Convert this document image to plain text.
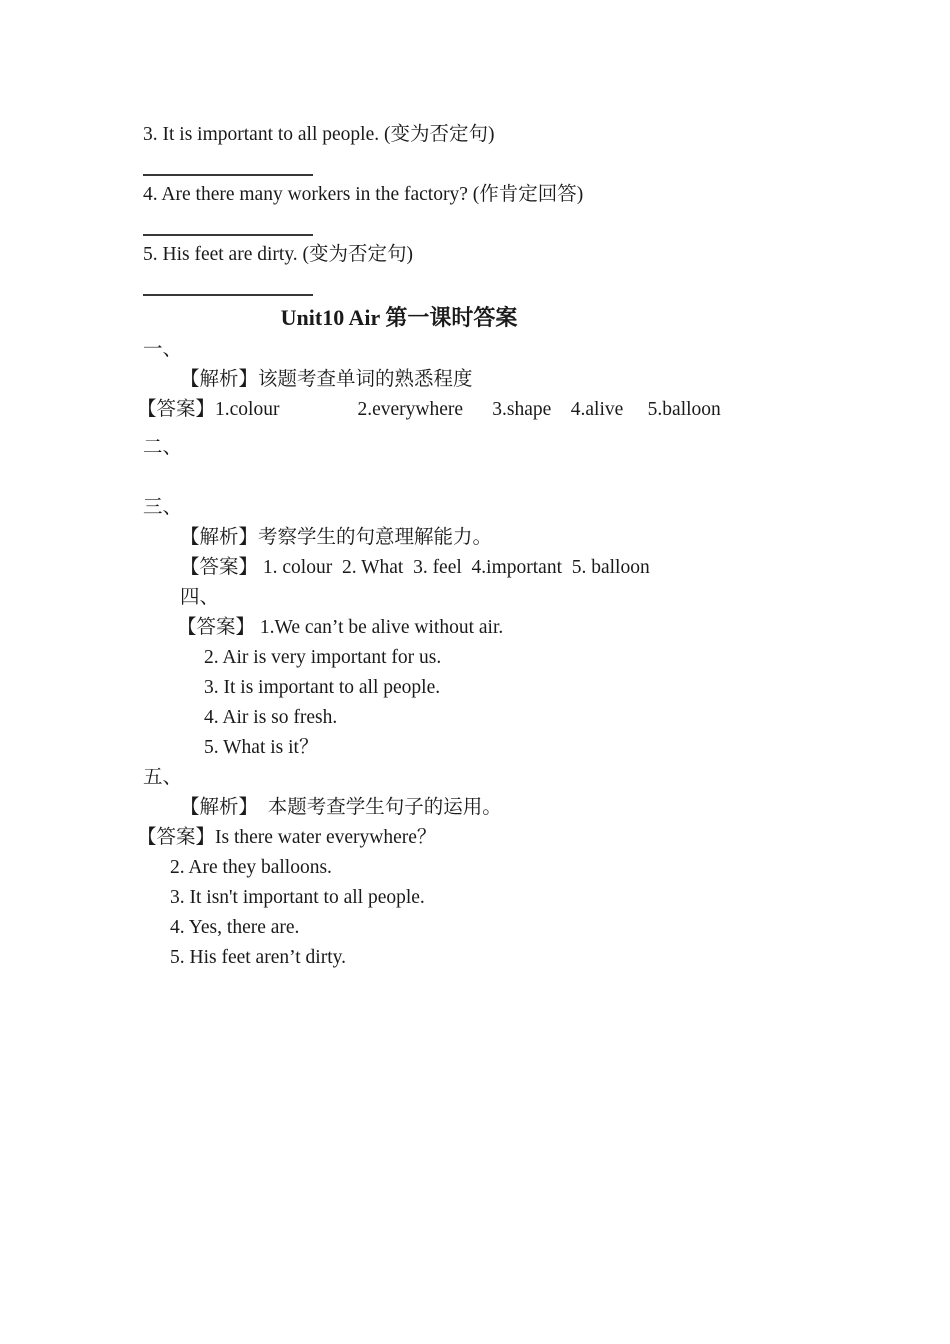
3. It is important to all people. (变为否定句)
4. Are there many workers in the factory? (作肯定回答)
5. His feet are dirty. (变为否定句)
Unit10 Air 第一课时答案
一、
【解析】该题考查单词的熟悉程度
【答案】1.colour                2.everywhere      3.shape    4.alive     5.balloon
二、
三、
【解析】考察学生的句意理解能力。
【答案】 1. colour  2. What  3. feel  4.important  5. balloon
四、
【答案】 1.We can’t be alive without air.
2. Air is very important for us.
3. It is important to all people.
4. Air is so fresh.
5. What is it？
五、
【解析】　本题考查学生句子的运用。
【答案】Is there water everywhere？
2. Are they balloons.
3. It isn't important to all people.
4. Yes, there are.
5. His feet aren’t dirty.
